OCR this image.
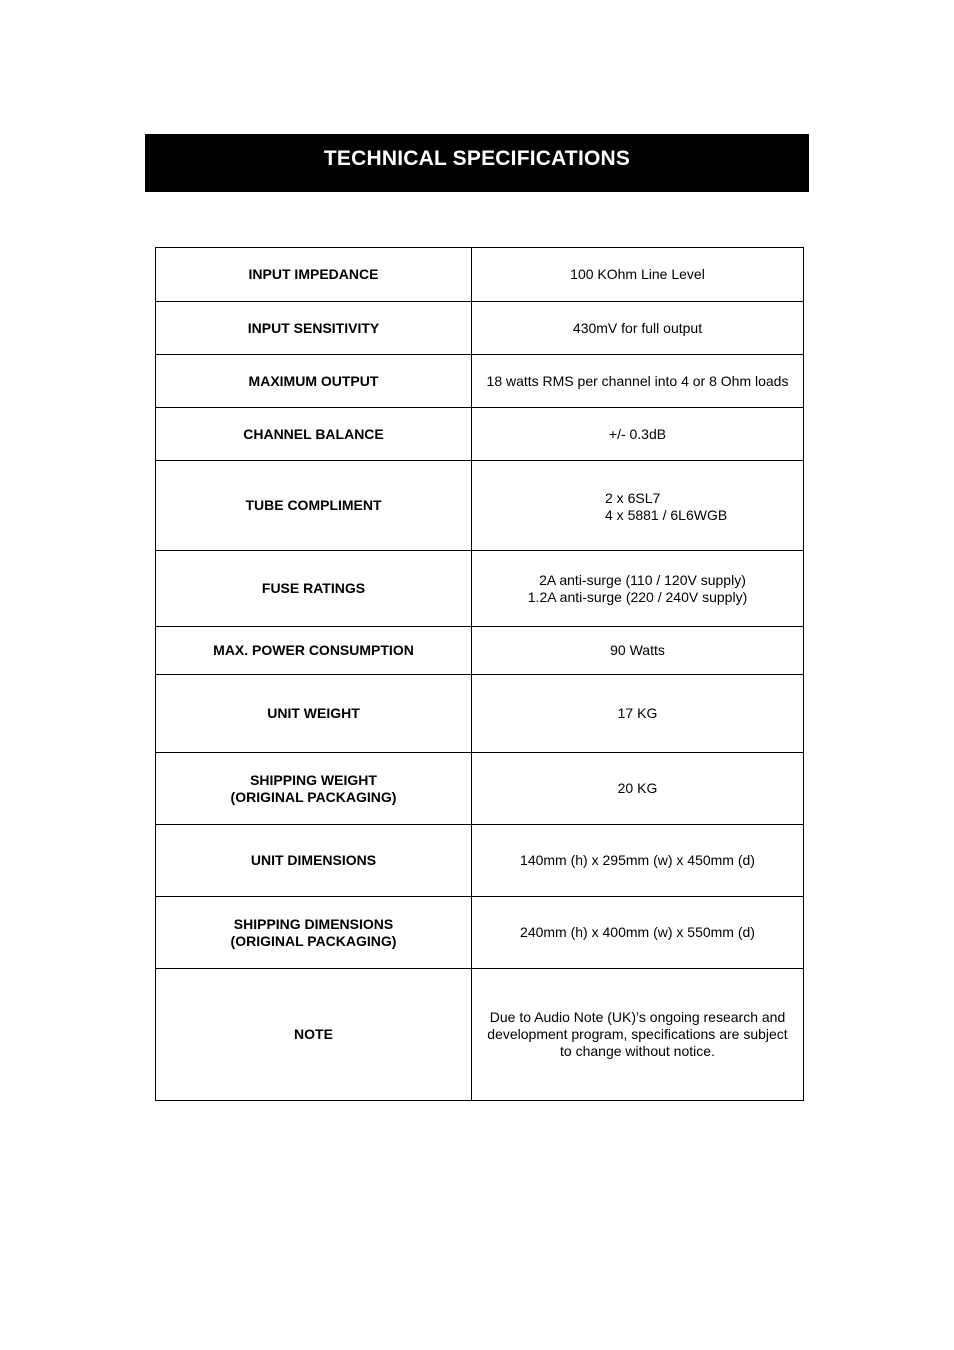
TECHNICAL SPECIFICATIONS
INPUT IMPEDANCE	100 KOhm Line Level

INPUT SENSITIVITY	430mV for full output

MAXIMUM OUTPUT	18 watts RMS per channel into 4 or 8 Ohm loads

CHANNEL BALANCE	+/- 0.3dB

TUBE COMPLIMENT	2 x 6SL7
4 x 5881 / 6L6WGB

FUSE RATINGS	2A anti-surge (110 / 120V supply)
1.2A anti-surge (220 / 240V supply)

MAX. POWER CONSUMPTION	90 Watts

UNIT WEIGHT	17 KG

SHIPPING WEIGHT
(ORIGINAL PACKAGING)	20 KG

UNIT DIMENSIONS	140mm (h) x 295mm (w) x 450mm (d)

SHIPPING DIMENSIONS
(ORIGINAL PACKAGING)	240mm (h) x 400mm (w) x 550mm (d)

NOTE	Due to Audio Note (UK)’s ongoing research and
development program, specifications are subject
to change without notice.
